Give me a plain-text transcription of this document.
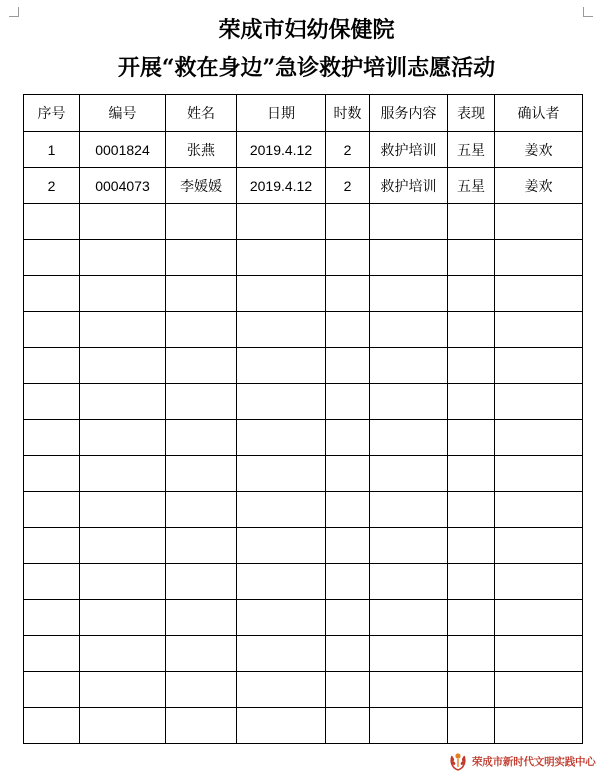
荣成市妇幼保健院
开展“救在身边”急诊救护培训志愿活动
序号	编号	姓名	日期	时数	服务内容	表现	确认者
1	0001824	张燕	2019.4.12	2	救护培训	五星	姜欢
2	0004073	李媛媛	2019.4.12	2	救护培训	五星	姜欢

荣成市新时代文明实践中心
